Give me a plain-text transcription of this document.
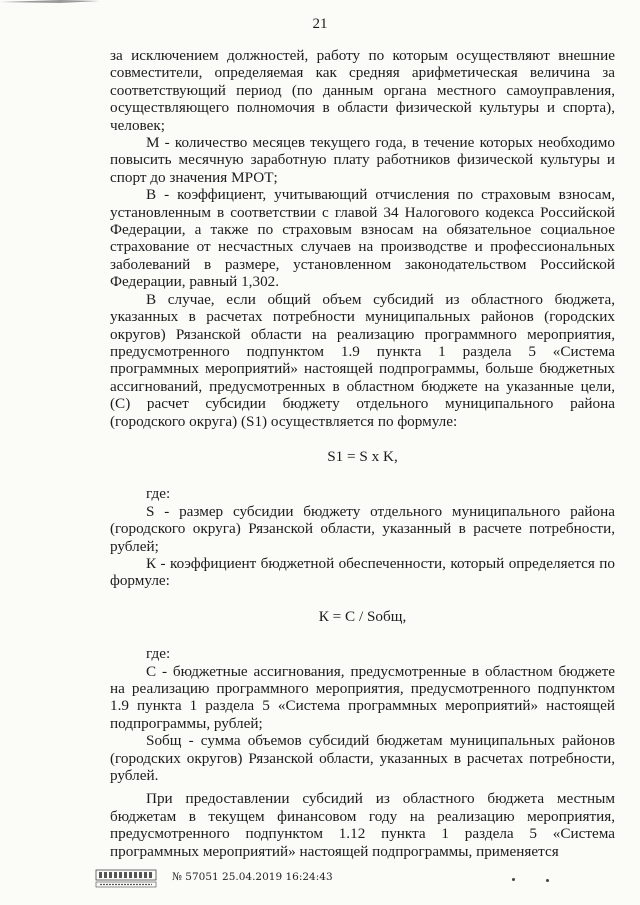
21

за исключением должностей, работу по которым осуществляют внешние совместители, определяемая как средняя арифметическая величина за соответствующий период (по данным органа местного самоуправления, осуществляющего полномочия в области физической культуры и спорта), человек;

М - количество месяцев текущего года, в течение которых необходимо повысить месячную заработную плату работников физической культуры и спорт до значения МРОТ;

В - коэффициент, учитывающий отчисления по страховым взносам, установленным в соответствии с главой 34 Налогового кодекса Российской Федерации, а также по страховым взносам на обязательное социальное страхование от несчастных случаев на производстве и профессиональных заболеваний в размере, установленном законодательством Российской Федерации, равный 1,302.

В случае, если общий объем субсидий из областного бюджета, указанных в расчетах потребности муниципальных районов (городских округов) Рязанской области на реализацию программного мероприятия, предусмотренного подпунктом 1.9 пункта 1 раздела 5 «Система программных мероприятий» настоящей подпрограммы, больше бюджетных ассигнований, предусмотренных в областном бюджете на указанные цели, (С) расчет субсидии бюджету отдельного муниципального района (городского округа) (S1) осуществляется по формуле:

S1 = S x K,

где:

S - размер субсидии бюджету отдельного муниципального района (городского округа) Рязанской области, указанный в расчете потребности, рублей;

К - коэффициент бюджетной обеспеченности, который определяется по формуле:

К = С / Sобщ,

где:

С - бюджетные ассигнования, предусмотренные в областном бюджете на реализацию программного мероприятия, предусмотренного подпунктом 1.9 пункта 1 раздела 5 «Система программных мероприятий» настоящей подпрограммы, рублей;

Sобщ - сумма объемов субсидий бюджетам муниципальных районов (городских округов) Рязанской области, указанных в расчетах потребности, рублей.

При предоставлении субсидий из областного бюджета местным бюджетам в текущем финансовом году на реализацию мероприятия, предусмотренного подпунктом 1.12 пункта 1 раздела 5 «Система программных мероприятий» настоящей подпрограммы, применяется

№ 57051 25.04.2019 16:24:43
